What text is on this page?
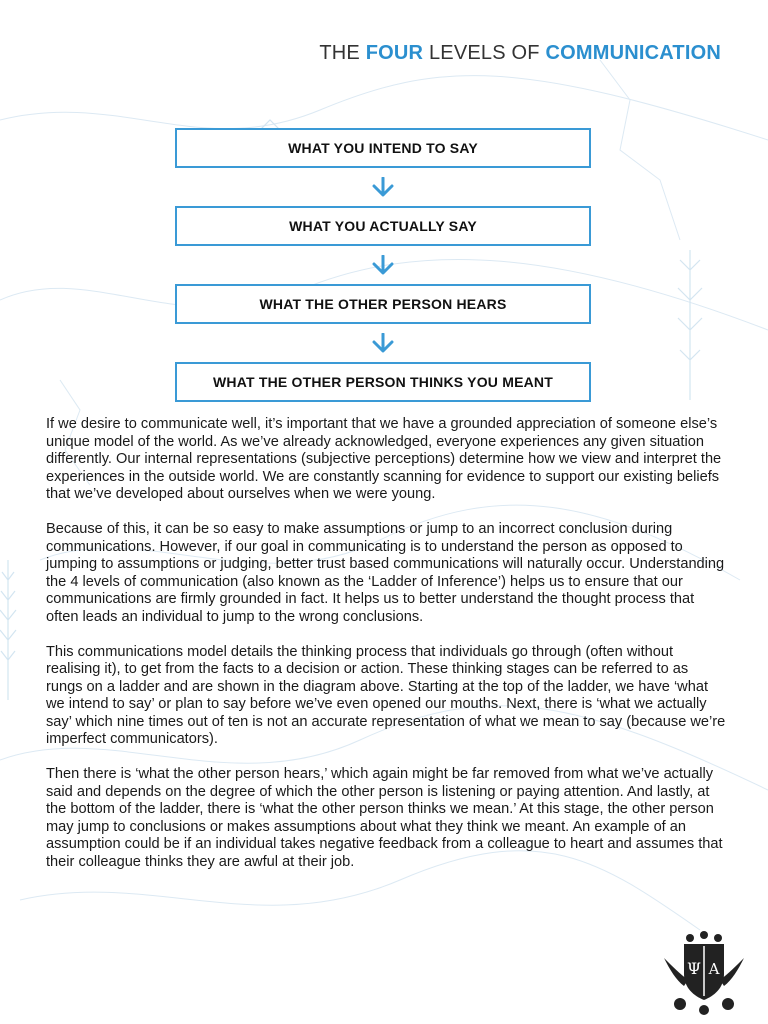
THE FOUR LEVELS OF COMMUNICATION
WHAT YOU INTEND TO SAY
WHAT YOU ACTUALLY SAY
WHAT THE OTHER PERSON HEARS
WHAT THE OTHER PERSON THINKS YOU MEANT

If we desire to communicate well, it’s important that we have a grounded appreciation of someone else’s unique model of the world. As we’ve already acknowledged, everyone experiences any given situation differently. Our internal representations (subjective perceptions) determine how we view and interpret the experiences in the outside world. We are constantly scanning for evidence to support our existing beliefs that we’ve developed about ourselves when we were young.

Because of this, it can be so easy to make assumptions or jump to an incorrect conclusion during communications. However, if our goal in communicating is to understand the person as opposed to jumping to assumptions or judging, better trust based communications will naturally occur. Understanding the 4 levels of communication (also known as the ‘Ladder of Inference’) helps us to ensure that our communications are firmly grounded in fact. It helps us to better understand the thought process that often leads an individual to jump to the wrong conclusions.

This communications model details the thinking process that individuals go through (often without realising it), to get from the facts to a decision or action. These thinking stages can be referred to as rungs on a ladder and are shown in the diagram above. Starting at the top of the ladder, we have ‘what we intend to say’ or plan to say before we’ve even opened our mouths. Next, there is ‘what we actually say’ which nine times out of ten is not an accurate representation of what we mean to say (because we’re imperfect communicators).

Then there is ‘what the other person hears,’ which again might be far removed from what we’ve actually said and depends on the degree of which the other person is listening or paying attention. And lastly, at the bottom of the ladder, there is ‘what the other person thinks we mean.’ At this stage, the other person may jump to conclusions or makes assumptions about what they think we meant. An example of an assumption could be if an individual takes negative feedback from a colleague to heart and assumes that their colleague thinks they are awful at their job.

Ψ A
